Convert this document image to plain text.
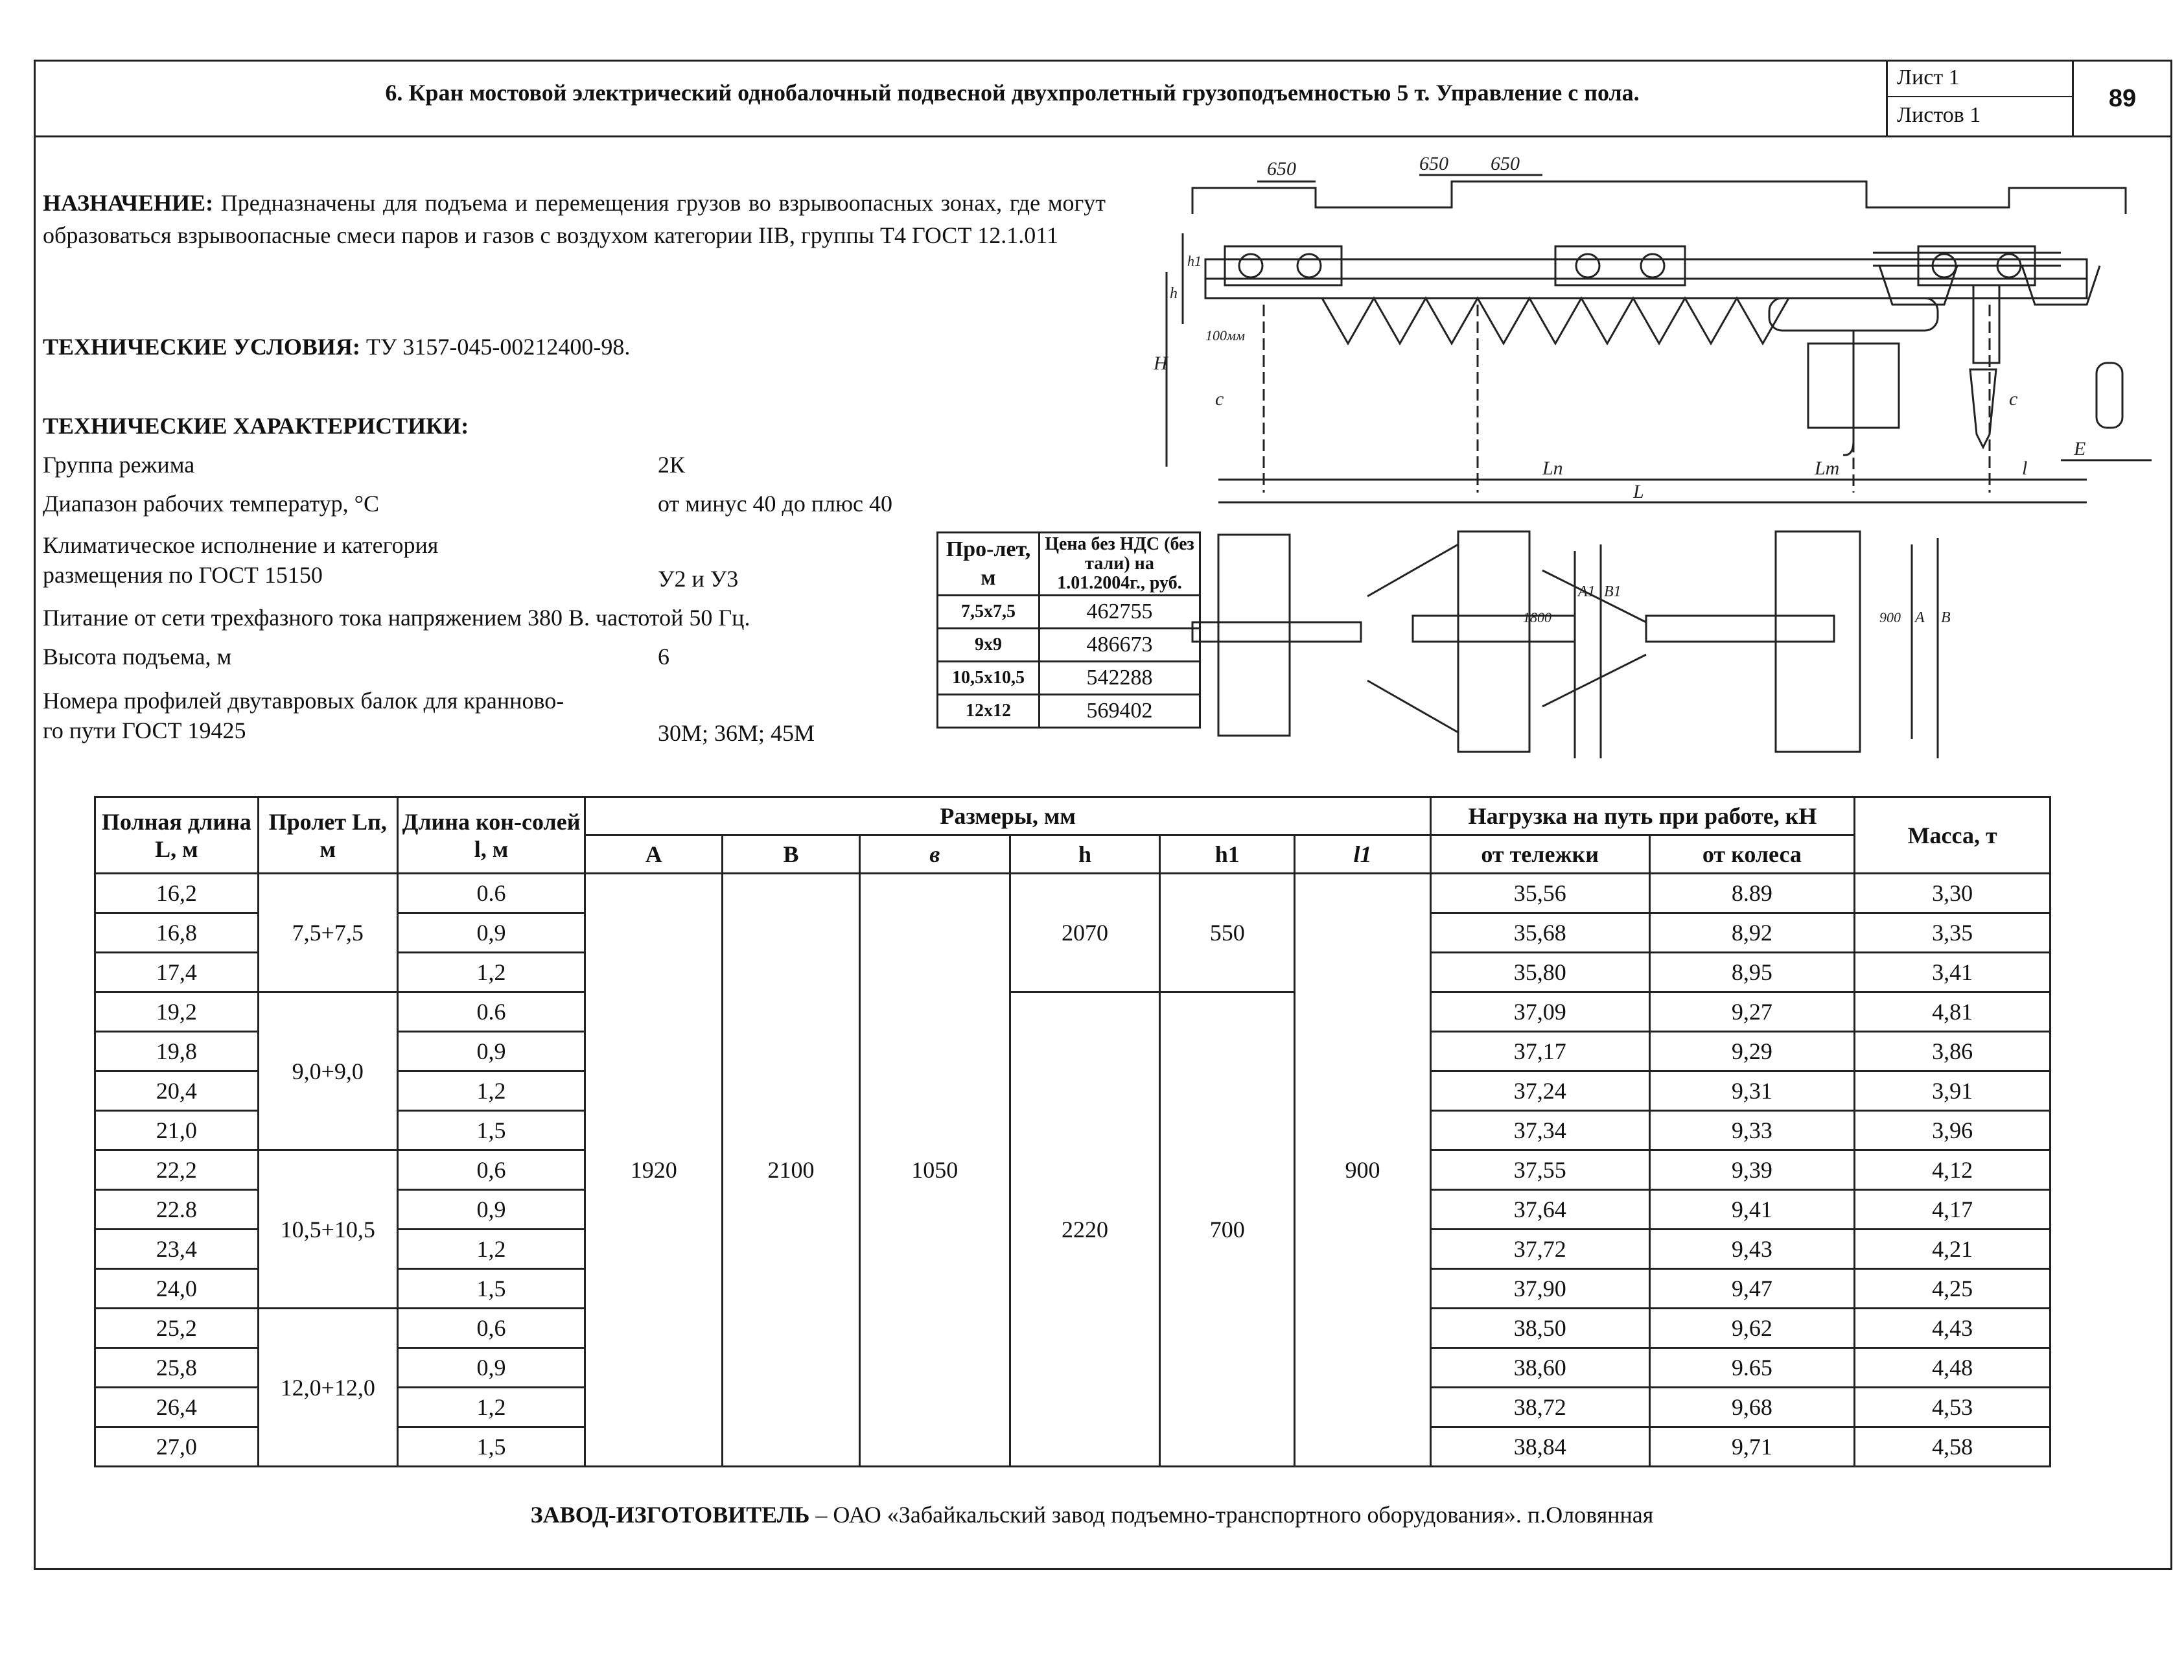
6. Кран мостовой электрический однобалочный подвесной двухпролетный грузоподъемностью 5 т. Управление с пола.
Лист 1
Листов 1
89
НАЗНАЧЕНИЕ: Предназначены для подъема и перемещения грузов во взрывоопасных зонах, где могут образоваться взрывоопасные смеси паров и газов с воздухом категории IIВ, группы Т4 ГОСТ 12.1.011
ТЕХНИЧЕСКИЕ УСЛОВИЯ: ТУ 3157-045-00212400-98.
ТЕХНИЧЕСКИЕ ХАРАКТЕРИСТИКИ:
Группа режима	2К
Диапазон рабочих температур, °С	от минус 40 до плюс 40
Климатическое исполнение и категория
размещения по ГОСТ 15150	У2 и У3
Питание от сети трехфазного тока напряжением 380 В. частотой 50 Гц.
Высота подъема, м	6
Номера профилей двутавровых балок для кранново-
го пути ГОСТ 19425	30М; 36М; 45М
Про-лет, м	Цена без НДС (без тали) на 1.01.2004г., руб.
7,5х7,5	462755
9х9	486673
10,5х10,5	542288
12х12	569402
650	650 650
Ln	Lm
L
l
c	c
H
h
h1
100мм
E
A1 B1
1800	A B
900
Полная длина L, м	Пролет Lп, м	Длина кон-солей l, м	Размеры, мм						Нагрузка на путь при работе, кН		Масса, т
			A	B	в	h	h1	l1	от тележки	от колеса	
16,2	7,5+7,5	0.6	1920	2100	1050	2070	550	900	35,56	8.89	3,30
16,8		0,9							35,68	8,92	3,35
17,4		1,2							35,80	8,95	3,41
19,2	9,0+9,0	0.6				2220	700		37,09	9,27	4,81
19,8		0,9							37,17	9,29	3,86
20,4		1,2							37,24	9,31	3,91
21,0		1,5							37,34	9,33	3,96
22,2	10,5+10,5	0,6							37,55	9,39	4,12
22.8		0,9							37,64	9,41	4,17
23,4		1,2							37,72	9,43	4,21
24,0		1,5							37,90	9,47	4,25
25,2	12,0+12,0	0,6							38,50	9,62	4,43
25,8		0,9							38,60	9.65	4,48
26,4		1,2							38,72	9,68	4,53
27,0		1,5							38,84	9,71	4,58
ЗАВОД-ИЗГОТОВИТЕЛЬ – ОАО «Забайкальский завод подъемно-транспортного оборудования». п.Оловянная
